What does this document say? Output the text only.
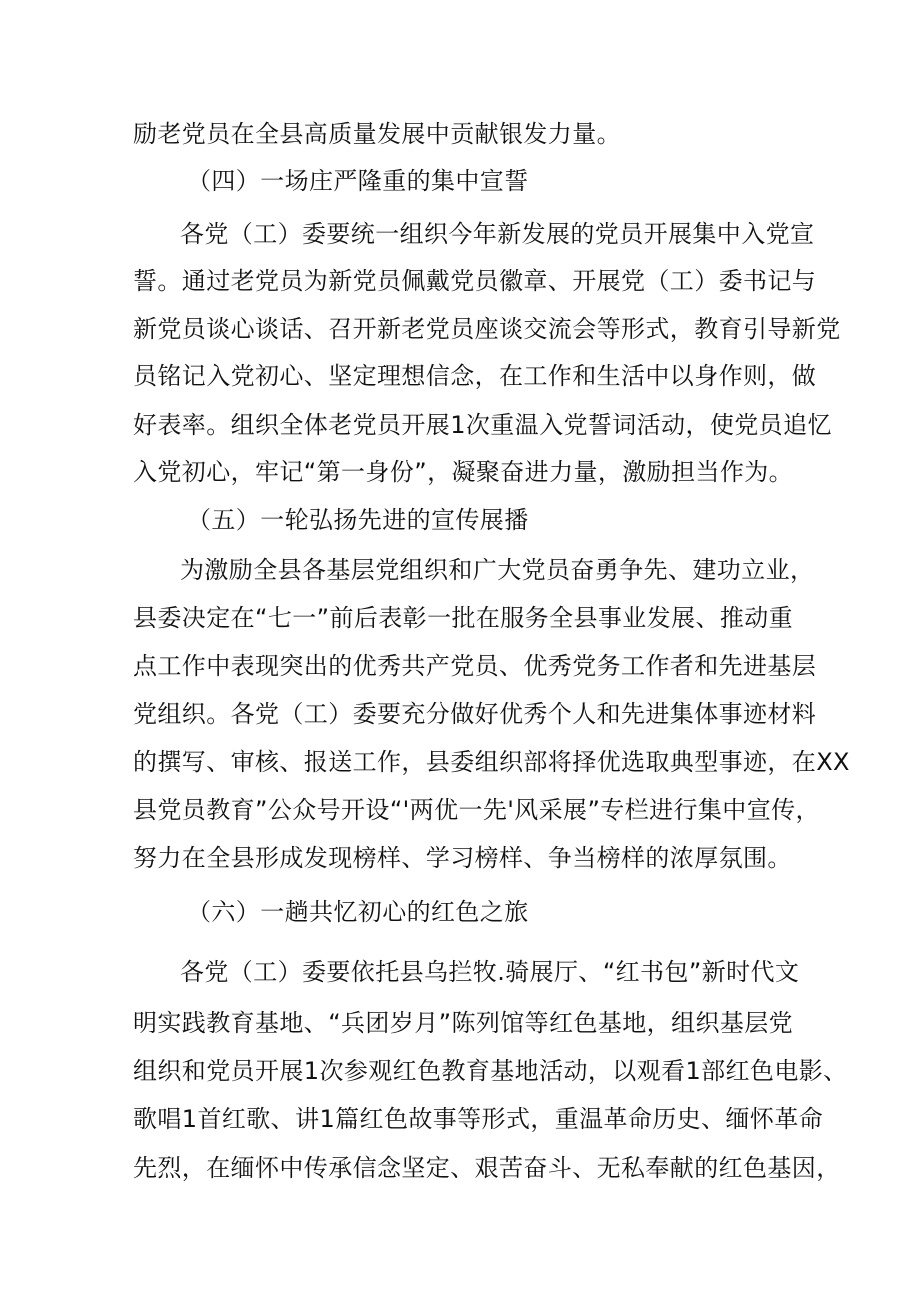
励老党员在全县高质量发展中贡献银发力量。
（四）一场庄严隆重的集中宣誓
各党（工）委要统一组织今年新发展的党员开展集中入党宣
誓。通过老党员为新党员佩戴党员徽章、开展党（工）委书记与
新党员谈心谈话、召开新老党员座谈交流会等形式，教育引导新党
员铭记入党初心、坚定理想信念，在工作和生活中以身作则，做
好表率。组织全体老党员开展1次重温入党誓词活动，使党员追忆
入党初心，牢记“第一身份”，凝聚奋进力量，激励担当作为。
（五）一轮弘扬先进的宣传展播
为激励全县各基层党组织和广大党员奋勇争先、建功立业，
县委决定在“七一”前后表彰一批在服务全县事业发展、推动重
点工作中表现突出的优秀共产党员、优秀党务工作者和先进基层
党组织。各党（工）委要充分做好优秀个人和先进集体事迹材料
的撰写、审核、报送工作，县委组织部将择优选取典型事迹，在XX
县党员教育”公众号开设“'两优一先'风采展”专栏进行集中宣传，
努力在全县形成发现榜样、学习榜样、争当榜样的浓厚氛围。
（六）一趟共忆初心的红色之旅
各党（工）委要依托县乌拦牧.骑展厅、“红书包”新时代文
明实践教育基地、“兵团岁月”陈列馆等红色基地，组织基层党
组织和党员开展1次参观红色教育基地活动，以观看1部红色电影、
歌唱1首红歌、讲1篇红色故事等形式，重温革命历史、缅怀革命
先烈，在缅怀中传承信念坚定、艰苦奋斗、无私奉献的红色基因，
